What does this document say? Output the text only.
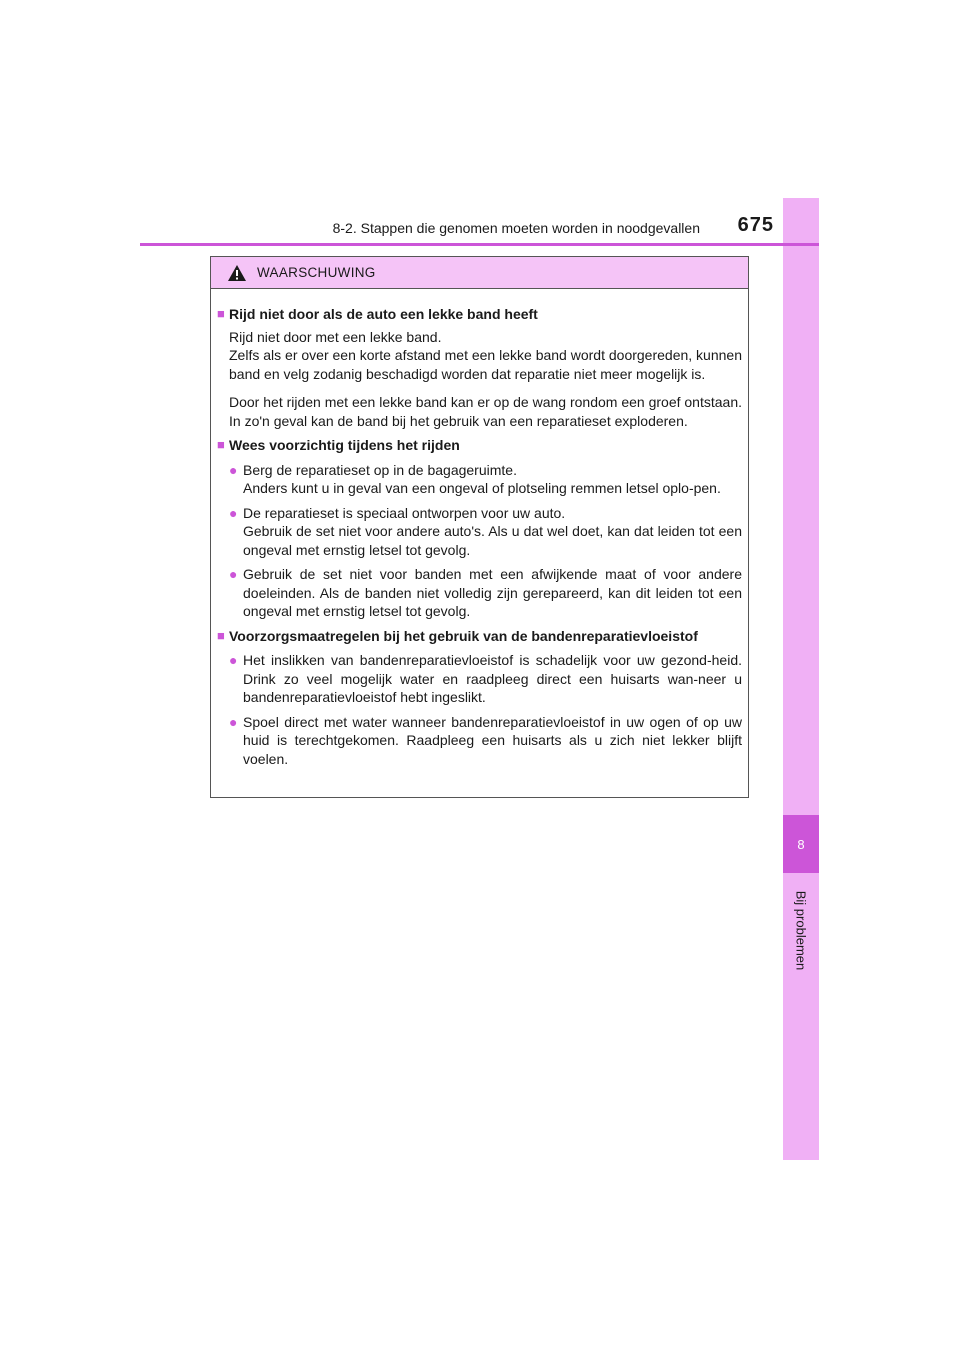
8
Bij problemen
8-2. Stappen die genomen moeten worden in noodgevallen	675
WAARSCHUWING
■ Rijd niet door als de auto een lekke band heeft
Rijd niet door met een lekke band.
Zelfs als er over een korte afstand met een lekke band wordt doorgereden, kunnen band en velg zodanig beschadigd worden dat reparatie niet meer mogelijk is.
Door het rijden met een lekke band kan er op de wang rondom een groef ontstaan. In zo'n geval kan de band bij het gebruik van een reparatieset exploderen.
■ Wees voorzichtig tijdens het rijden
● Berg de reparatieset op in de bagageruimte.
Anders kunt u in geval van een ongeval of plotseling remmen letsel oplo-pen.
● De reparatieset is speciaal ontworpen voor uw auto.
Gebruik de set niet voor andere auto's. Als u dat wel doet, kan dat leiden tot een ongeval met ernstig letsel tot gevolg.
● Gebruik de set niet voor banden met een afwijkende maat of voor andere doeleinden. Als de banden niet volledig zijn gerepareerd, kan dit leiden tot een ongeval met ernstig letsel tot gevolg.
■ Voorzorgsmaatregelen bij het gebruik van de bandenreparatievloeistof
● Het inslikken van bandenreparatievloeistof is schadelijk voor uw gezond-heid. Drink zo veel mogelijk water en raadpleeg direct een huisarts wan-neer u bandenreparatievloeistof hebt ingeslikt.
● Spoel direct met water wanneer bandenreparatievloeistof in uw ogen of op uw huid is terechtgekomen. Raadpleeg een huisarts als u zich niet lekker blijft voelen.
